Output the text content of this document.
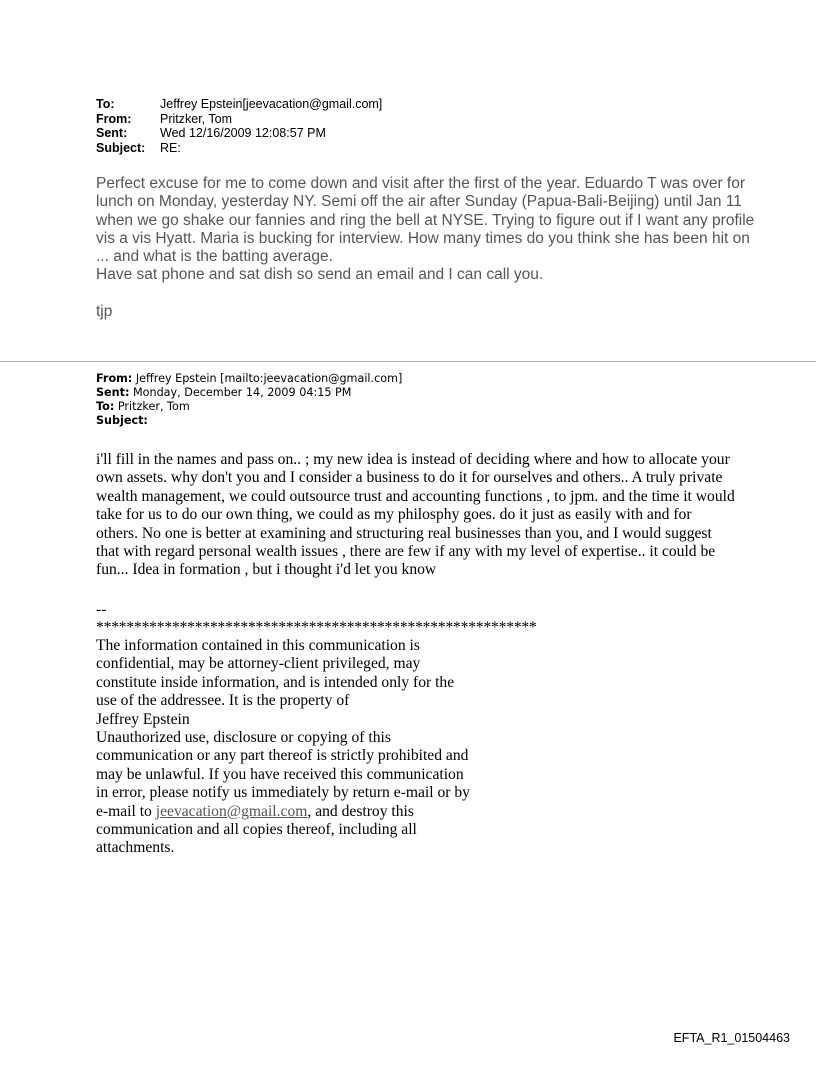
To:	Jeffrey Epstein[jeevacation@gmail.com]
From:	Pritzker, Tom
Sent:	Wed 12/16/2009 12:08:57 PM
Subject:	RE:

Perfect excuse for me to come down and visit after the first of the year. Eduardo T was over for lunch on Monday, yesterday NY. Semi off the air after Sunday (Papua-Bali-Beijing) until Jan 11 when we go shake our fannies and ring the bell at NYSE. Trying to figure out if I want any profile vis a vis Hyatt. Maria is bucking for interview. How many times do you think she has been hit on ... and what is the batting average.

Have sat phone and sat dish so send an email and I can call you.

tjp
From: Jeffrey Epstein [mailto:jeevacation@gmail.com]
Sent: Monday, December 14, 2009 04:15 PM
To: Pritzker, Tom
Subject:

i'll fill in the names and pass on.. ; my new idea is instead of deciding where and how to allocate your own assets. why don't you and I consider a business to do it for ourselves and others.. A truly private wealth management, we could outsource trust and accounting functions , to jpm. and the time it would take for us to do our own thing, we could as my philosphy goes. do it just as easily with and for others. No one is better at examining and structuring real businesses than you, and I would suggest that with regard personal wealth issues , there are few if any with my level of expertise.. it could be fun... Idea in formation , but i thought i'd let you know

--
**********************************************************

The information contained in this communication is confidential, may be attorney-client privileged, may constitute inside information, and is intended only for the use of the addressee. It is the property of

Jeffrey Epstein

Unauthorized use, disclosure or copying of this communication or any part thereof is strictly prohibited and may be unlawful. If you have received this communication in error, please notify us immediately by return e-mail or by e-mail to jeevacation@gmail.com, and destroy this communication and all copies thereof, including all attachments.

EFTA_R1_01504463
